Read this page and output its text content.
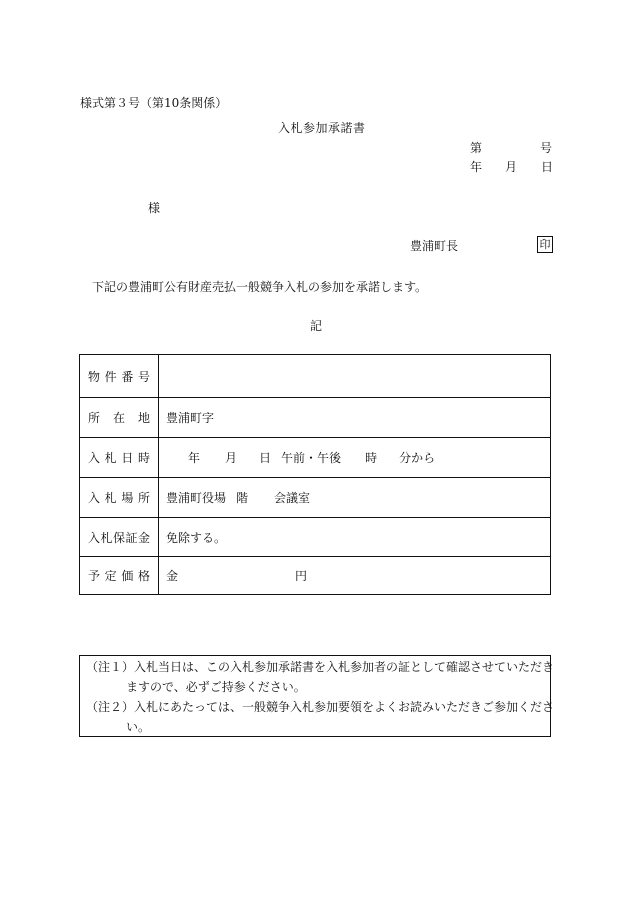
様式第３号（第10条関係）
入札参加承諾書
第	号
年 月 日
様
豊浦町長	印
下記の豊浦町公有財産売払一般競争入札の参加を承諾します。
記
物件番号	
所在地	豊浦町字
入札日時	年 月 日 午前・午後 時 分から
入札場所	豊浦町役場 階 会議室
入札保証金	免除する。
予定価格	金 円
（注１）入札当日は、この入札参加承諾書を入札参加者の証として確認させていただき
ますので、必ずご持参ください。
（注２）入札にあたっては、一般競争入札参加要領をよくお読みいただきご参加くださ
い。
